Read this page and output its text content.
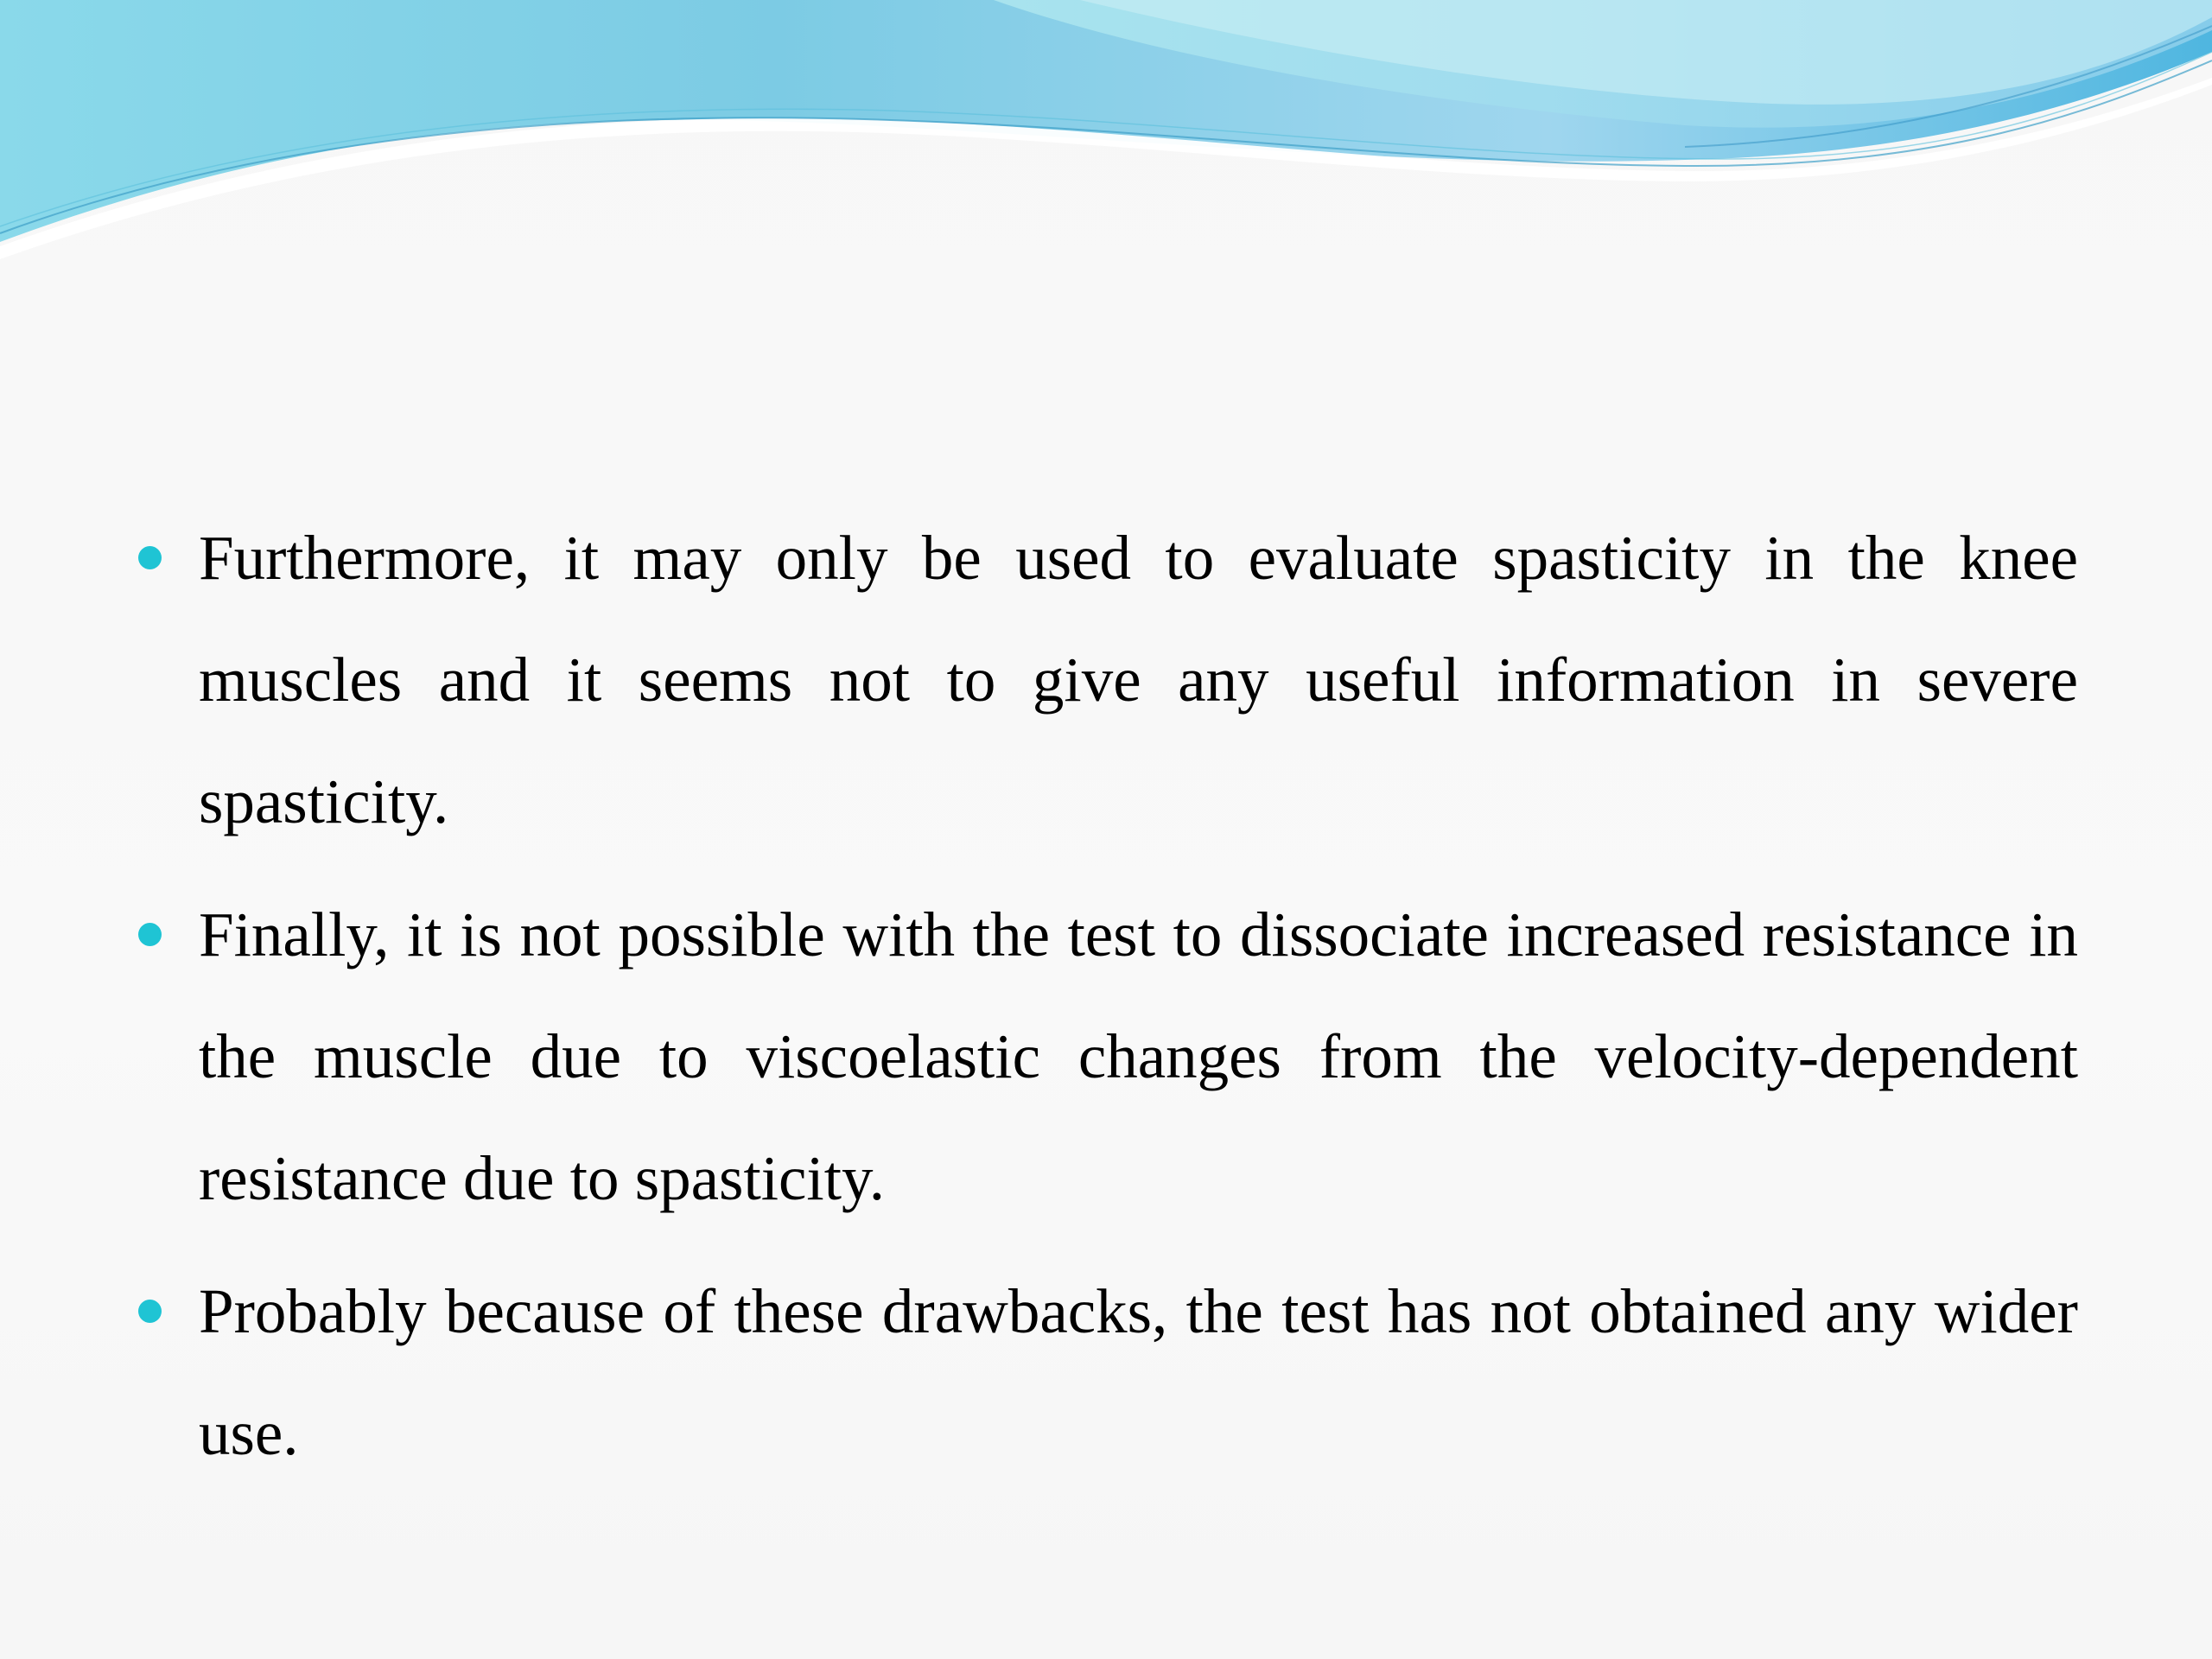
Furthermore, it may only be used to evaluate spasticity in the knee muscles and it seems not to give any useful information in severe spasticity.
Finally, it is not possible with the test to dissociate increased resistance in the muscle due to viscoelastic changes from the velocity-dependent resistance due to spasticity.
Probably because of these drawbacks, the test has not obtained any wider use.
